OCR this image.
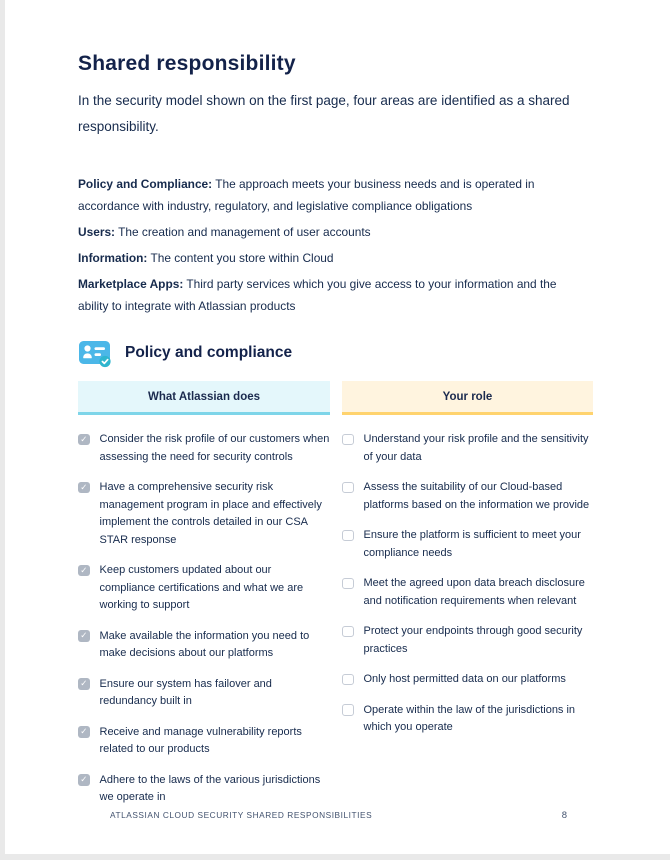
Shared responsibility

In the security model shown on the first page, four areas are identified as a shared responsibility.

Policy and Compliance: The approach meets your business needs and is operated in accordance with industry, regulatory, and legislative compliance obligations

Users: The creation and management of user accounts

Information: The content you store within Cloud

Marketplace Apps: Third party services which you give access to your information and the ability to integrate with Atlassian products

Policy and compliance
What Atlassian does	Your role
✓ Consider the risk profile of our customers when assessing the need for security controls
✓ Have a comprehensive security risk management program in place and effectively implement the controls detailed in our CSA STAR response
✓ Keep customers updated about our compliance certifications and what we are working to support
✓ Make available the information you need to make decisions about our platforms
✓ Ensure our system has failover and redundancy built in
✓ Receive and manage vulnerability reports related to our products
✓ Adhere to the laws of the various jurisdictions we operate in
Understand your risk profile and the sensitivity of your data
Assess the suitability of our Cloud-based platforms based on the information we provide
Ensure the platform is sufficient to meet your compliance needs
Meet the agreed upon data breach disclosure and notification requirements when relevant
Protect your endpoints through good security practices
Only host permitted data on our platforms
Operate within the law of the jurisdictions in which you operate
ATLASSIAN CLOUD SECURITY SHARED RESPONSIBILITIES	8
